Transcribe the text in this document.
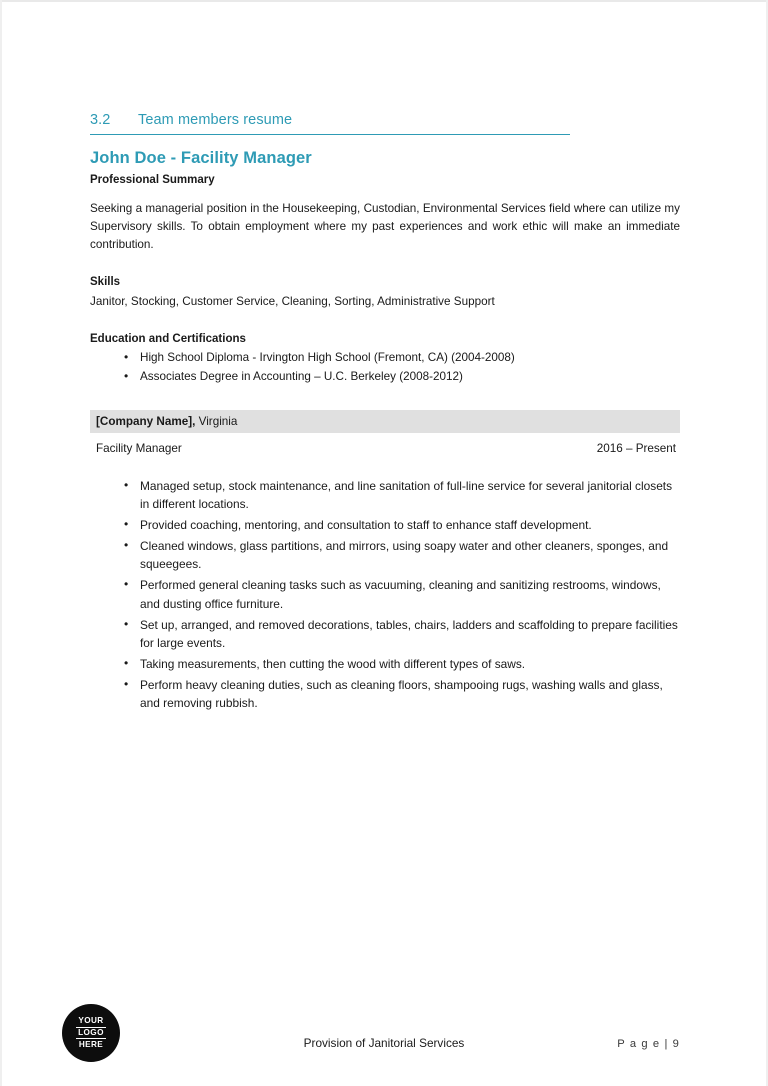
3.2	Team members resume
John Doe - Facility Manager
Professional Summary
Seeking a managerial position in the Housekeeping, Custodian, Environmental Services field where can utilize my Supervisory skills. To obtain employment where my past experiences and work ethic will make an immediate contribution.
Skills
Janitor, Stocking, Customer Service, Cleaning, Sorting, Administrative Support
Education and Certifications
• High School Diploma - Irvington High School (Fremont, CA) (2004-2008)
• Associates Degree in Accounting – U.C. Berkeley (2008-2012)
[Company Name], Virginia
Facility Manager	2016 – Present
• Managed setup, stock maintenance, and line sanitation of full-line service for several janitorial closets in different locations.
• Provided coaching, mentoring, and consultation to staff to enhance staff development.
• Cleaned windows, glass partitions, and mirrors, using soapy water and other cleaners, sponges, and squeegees.
• Performed general cleaning tasks such as vacuuming, cleaning and sanitizing restrooms, windows, and dusting office furniture.
• Set up, arranged, and removed decorations, tables, chairs, ladders and scaffolding to prepare facilities for large events.
• Taking measurements, then cutting the wood with different types of saws.
• Perform heavy cleaning duties, such as cleaning floors, shampooing rugs, washing walls and glass, and removing rubbish.
YOUR
LOGO
HERE	Provision of Janitorial Services	P a g e | 9
